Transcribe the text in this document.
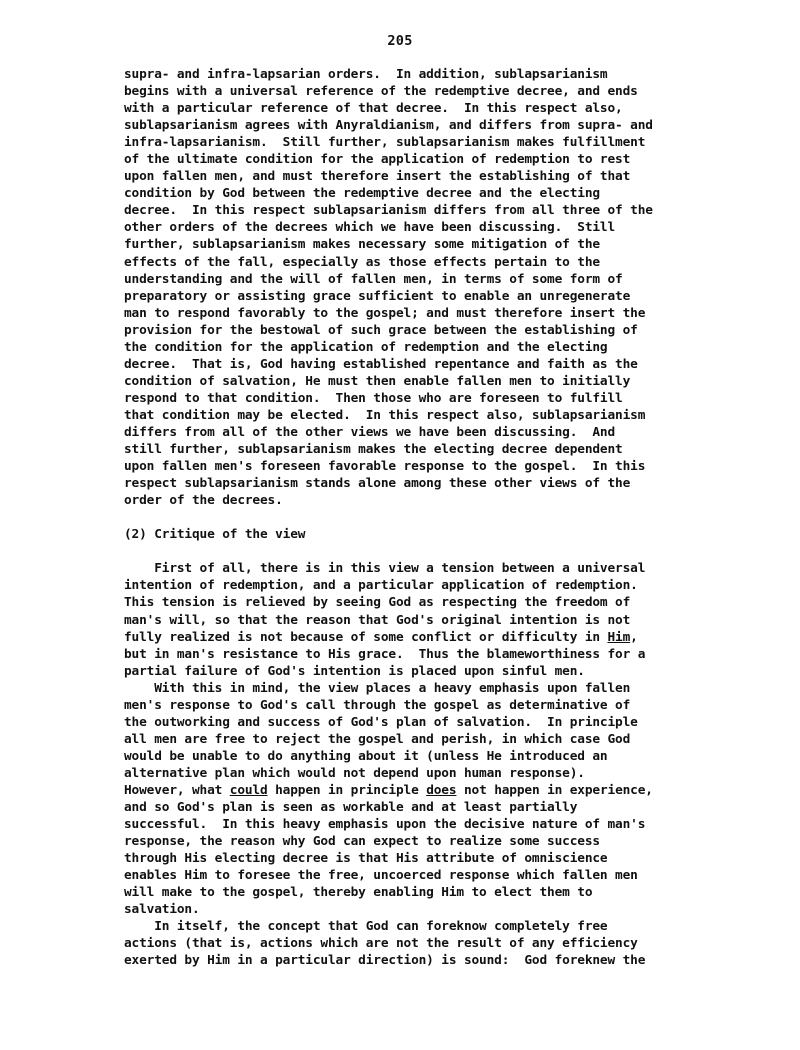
205
supra- and infra-lapsarian orders.  In addition, sublapsarianism
begins with a universal reference of the redemptive decree, and ends
with a particular reference of that decree.  In this respect also,
sublapsarianism agrees with Anyraldianism, and differs from supra- and
infra-lapsarianism.  Still further, sublapsarianism makes fulfillment
of the ultimate condition for the application of redemption to rest
upon fallen men, and must therefore insert the establishing of that
condition by God between the redemptive decree and the electing
decree.  In this respect sublapsarianism differs from all three of the
other orders of the decrees which we have been discussing.  Still
further, sublapsarianism makes necessary some mitigation of the
effects of the fall, especially as those effects pertain to the
understanding and the will of fallen men, in terms of some form of
preparatory or assisting grace sufficient to enable an unregenerate
man to respond favorably to the gospel; and must therefore insert the
provision for the bestowal of such grace between the establishing of
the condition for the application of redemption and the electing
decree.  That is, God having established repentance and faith as the
condition of salvation, He must then enable fallen men to initially
respond to that condition.  Then those who are foreseen to fulfill
that condition may be elected.  In this respect also, sublapsarianism
differs from all of the other views we have been discussing.  And
still further, sublapsarianism makes the electing decree dependent
upon fallen men's foreseen favorable response to the gospel.  In this
respect sublapsarianism stands alone among these other views of the
order of the decrees.
(2) Critique of the view
First of all, there is in this view a tension between a universal
intention of redemption, and a particular application of redemption.
This tension is relieved by seeing God as respecting the freedom of
man's will, so that the reason that God's original intention is not
fully realized is not because of some conflict or difficulty in Him,
but in man's resistance to His grace.  Thus the blameworthiness for a
partial failure of God's intention is placed upon sinful men.
With this in mind, the view places a heavy emphasis upon fallen
men's response to God's call through the gospel as determinative of
the outworking and success of God's plan of salvation.  In principle
all men are free to reject the gospel and perish, in which case God
would be unable to do anything about it (unless He introduced an
alternative plan which would not depend upon human response).
However, what could happen in principle does not happen in experience,
and so God's plan is seen as workable and at least partially
successful.  In this heavy emphasis upon the decisive nature of man's
response, the reason why God can expect to realize some success
through His electing decree is that His attribute of omniscience
enables Him to foresee the free, uncoerced response which fallen men
will make to the gospel, thereby enabling Him to elect them to
salvation.
In itself, the concept that God can foreknow completely free
actions (that is, actions which are not the result of any efficiency
exerted by Him in a particular direction) is sound:  God foreknew the
